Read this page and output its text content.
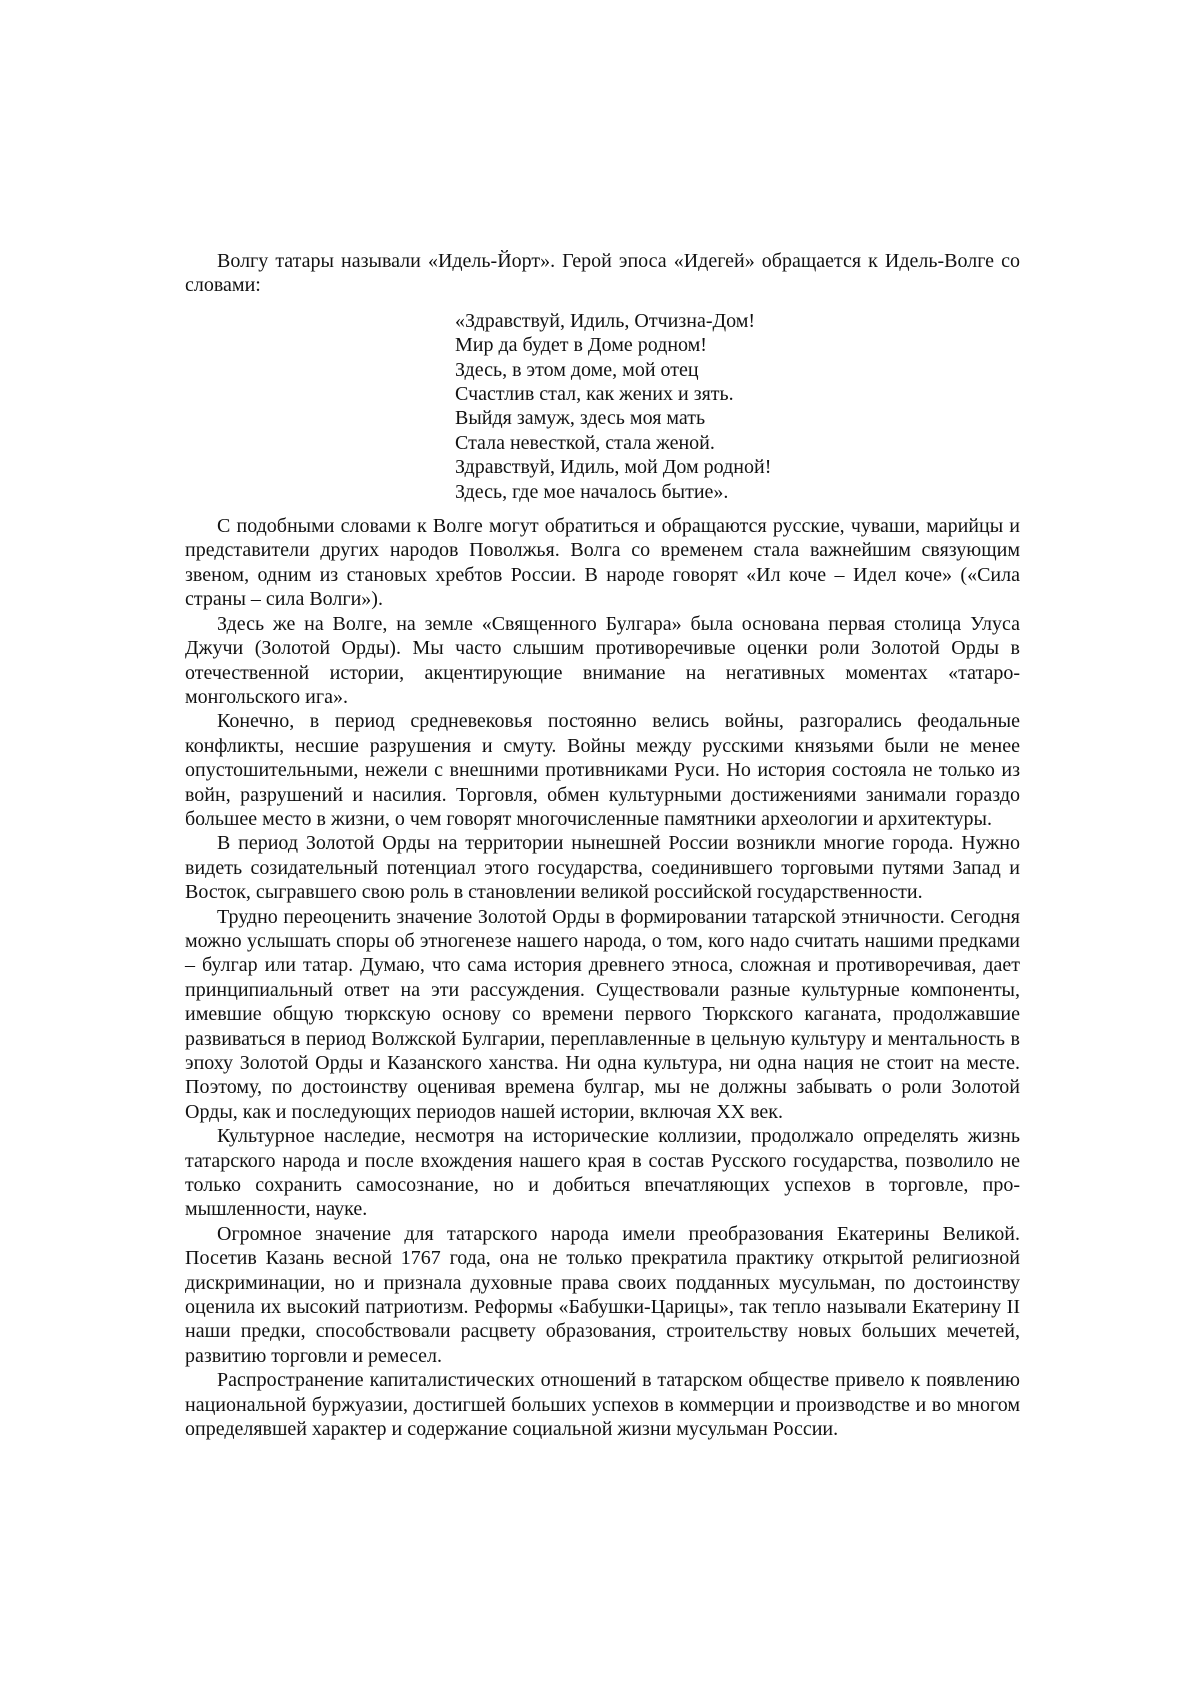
Волгу татары называли «Идель-Йорт». Герой эпоса «Идегей» обращается к Идель-Волге со словами:

«Здравствуй, Идиль, Отчизна-Дом!
Мир да будет в Доме родном!
Здесь, в этом доме, мой отец
Счастлив стал, как жених и зять.
Выйдя замуж, здесь моя мать
Стала невесткой, стала женой.
Здравствуй, Идиль, мой Дом родной!
Здесь, где мое началось бытие».

С подобными словами к Волге могут обратиться и обращаются русские, чуваши, ма­рийцы и представители других народов Поволжья. Волга со временем стала важнейшим связующим звеном, одним из становых хребтов России. В народе говорят «Ил коче – Идел коче» («Сила страны – сила Волги»).

Здесь же на Волге, на земле «Священного Булгара» была основана первая столица Улу­са Джучи (Золотой Орды). Мы часто слышим противоречивые оценки роли Золотой Орды в отечественной истории, акцентирующие внимание на негативных моментах «татаро-монгольского ига».

Конечно, в период средневековья постоянно велись войны, разгорались феодальные конфликты, несшие разрушения и смуту. Войны между русскими князьями были не менее опустошительными, нежели с внешними противниками Руси. Но история состояла не толь­ко из войн, разрушений и насилия. Торговля, обмен культурными достижениями занимали гораздо большее место в жизни, о чем говорят многочисленные памятники археологии и ар­хитектуры.

В период Золотой Орды на территории нынешней России возникли многие города. Нуж­но видеть созидательный потенциал этого государства, соединившего торговыми путями Запад и Восток, сыгравшего свою роль в становлении великой российской государствен­ности.

Трудно переоценить значение Золотой Орды в формировании татарской этничности. Сегодня можно услышать споры об этногенезе нашего народа, о том, кого надо считать нашими предками – булгар или татар. Думаю, что сама история древнего этноса, сложная и противоречивая, дает принципиальный ответ на эти рассуждения. Существовали разные культурные компоненты, имевшие общую тюркскую основу со времени первого Тюркского каганата, продолжавшие развиваться в период Волжской Булгарии, переплавленные в цель­ную культуру и ментальность в эпоху Золотой Орды и Казанского ханства. Ни одна культу­ра, ни одна нация не стоит на месте. Поэтому, по достоинству оценивая времена булгар, мы не должны забывать о роли Золотой Орды, как и последующих периодов нашей истории, включая XX век.

Культурное наследие, несмотря на исторические коллизии, продолжало определять жизнь татарского народа и после вхождения нашего края в состав Русского государства, позволило не только сохранить самосознание, но и добиться впечатляющих успехов в торговле, про­мышленности, науке.

Огромное значение для татарского народа имели преобразования Екатерины Великой. Посетив Казань весной 1767 года, она не только прекратила практику открытой религиозной дискриминации, но и признала духовные права своих подданных мусульман, по достоинству оценила их высокий патриотизм. Реформы «Бабушки-Царицы», так тепло называли Екате­рину II наши предки, способствовали расцвету образования, строительству новых больших мечетей, развитию торговли и ремесел.

Распространение капиталистических отношений в татарском обществе привело к появ­лению национальной буржуазии, достигшей больших успехов в коммерции и производстве и во многом определявшей характер и содержание социальной жизни мусульман России.
